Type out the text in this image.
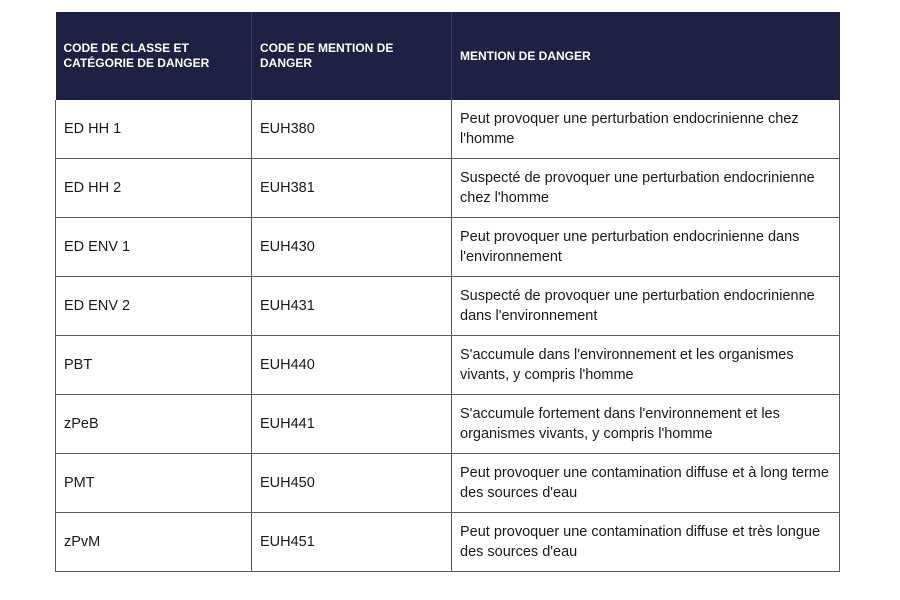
CODE DE CLASSE ET CATÉGORIE DE DANGER	CODE DE MENTION DE DANGER	MENTION DE DANGER
ED HH 1	EUH380	Peut provoquer une perturbation endocrinienne chez l'homme
ED HH 2	EUH381	Suspecté de provoquer une perturbation endocrinienne chez l'homme
ED ENV 1	EUH430	Peut provoquer une perturbation endocrinienne dans l'environnement
ED ENV 2	EUH431	Suspecté de provoquer une perturbation endocrinienne dans l'environnement
PBT	EUH440	S'accumule dans l'environnement et les organismes vivants, y compris l'homme
zPeB	EUH441	S'accumule fortement dans l'environnement et les organismes vivants, y compris l'homme
PMT	EUH450	Peut provoquer une contamination diffuse et à long terme des sources d'eau
zPvM	EUH451	Peut provoquer une contamination diffuse et très longue des sources d'eau
